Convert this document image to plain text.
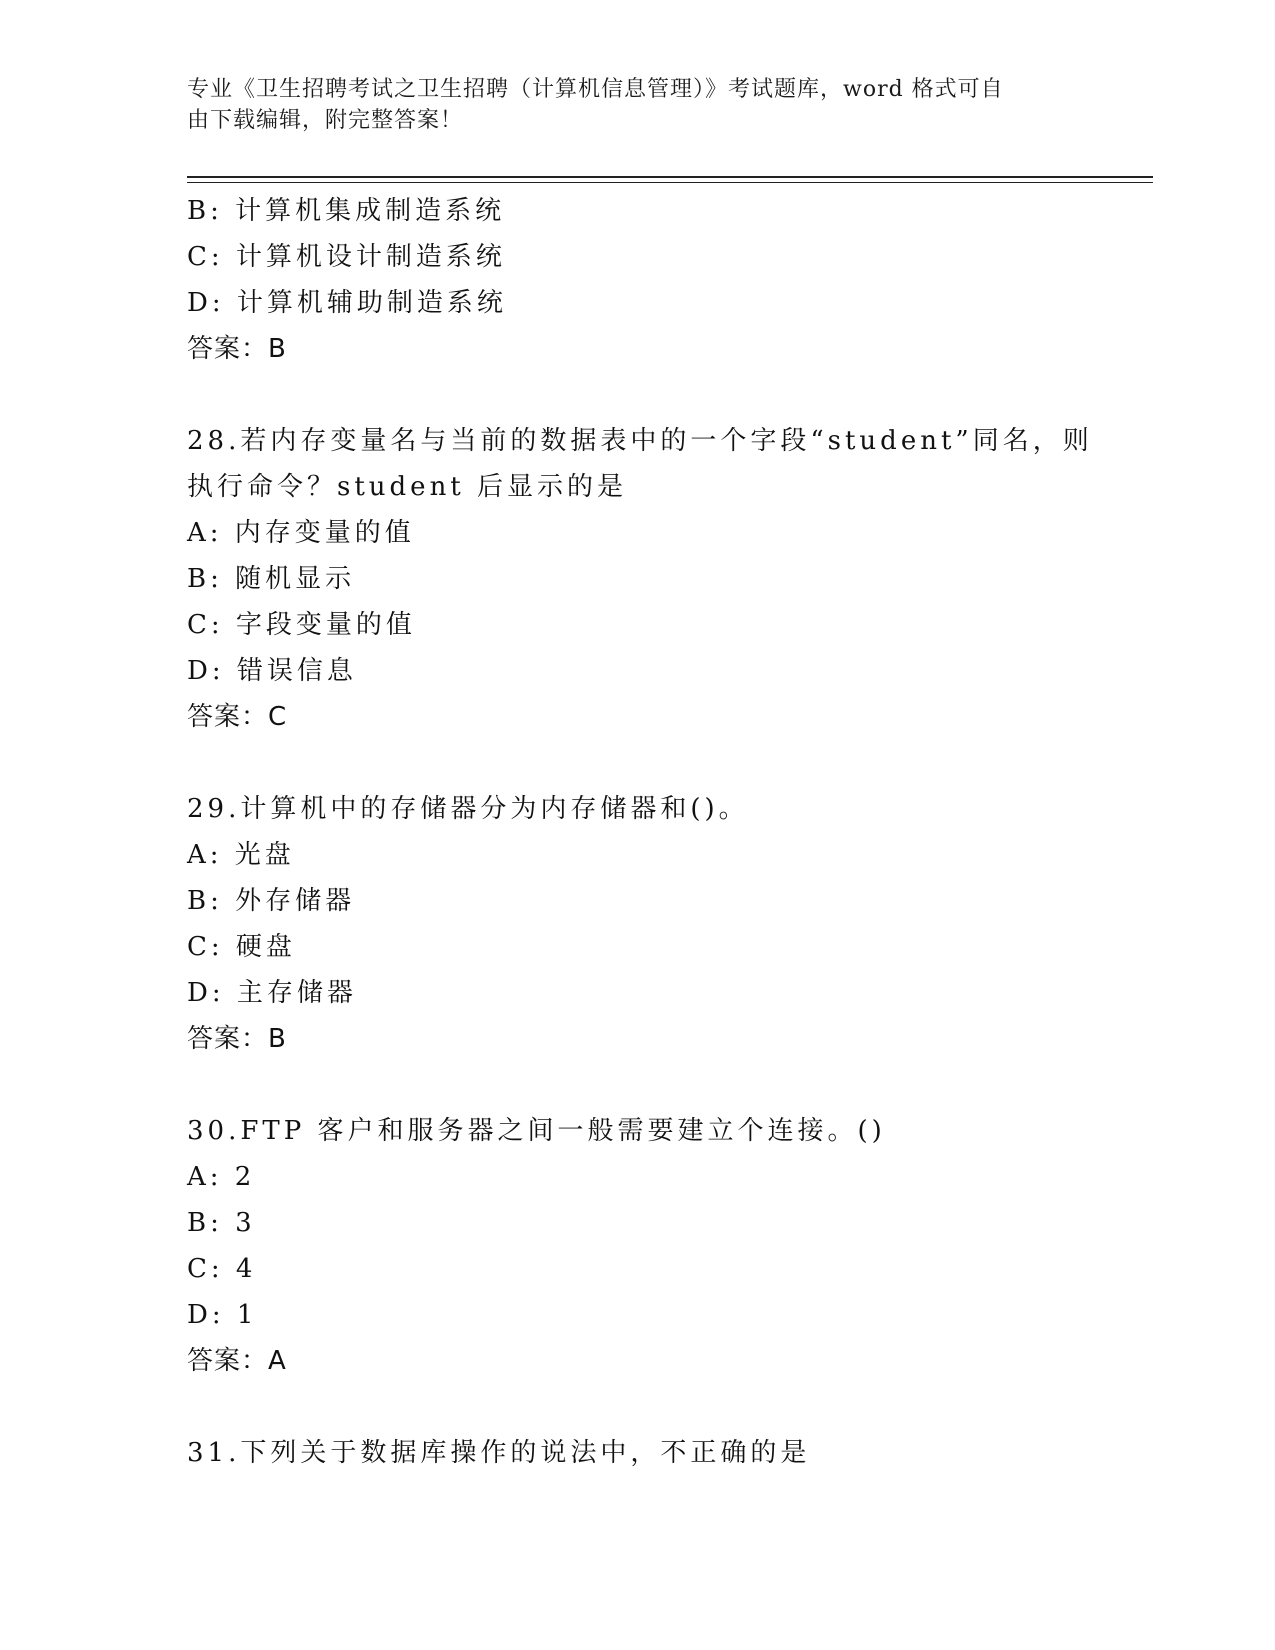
专业《卫生招聘考试之卫生招聘（计算机信息管理）》考试题库，word 格式可自
由下载编辑，附完整答案！
B: 计算机集成制造系统
C: 计算机设计制造系统
D: 计算机辅助制造系统
答案：B
28.若内存变量名与当前的数据表中的一个字段“student”同名，则
执行命令？student 后显示的是
A: 内存变量的值
B: 随机显示
C: 字段变量的值
D: 错误信息
答案：C
29.计算机中的存储器分为内存储器和()。
A: 光盘
B: 外存储器
C: 硬盘
D: 主存储器
答案：B
30.FTP 客户和服务器之间一般需要建立个连接。()
A: 2
B: 3
C: 4
D: 1
答案：A
31.下列关于数据库操作的说法中，不正确的是
